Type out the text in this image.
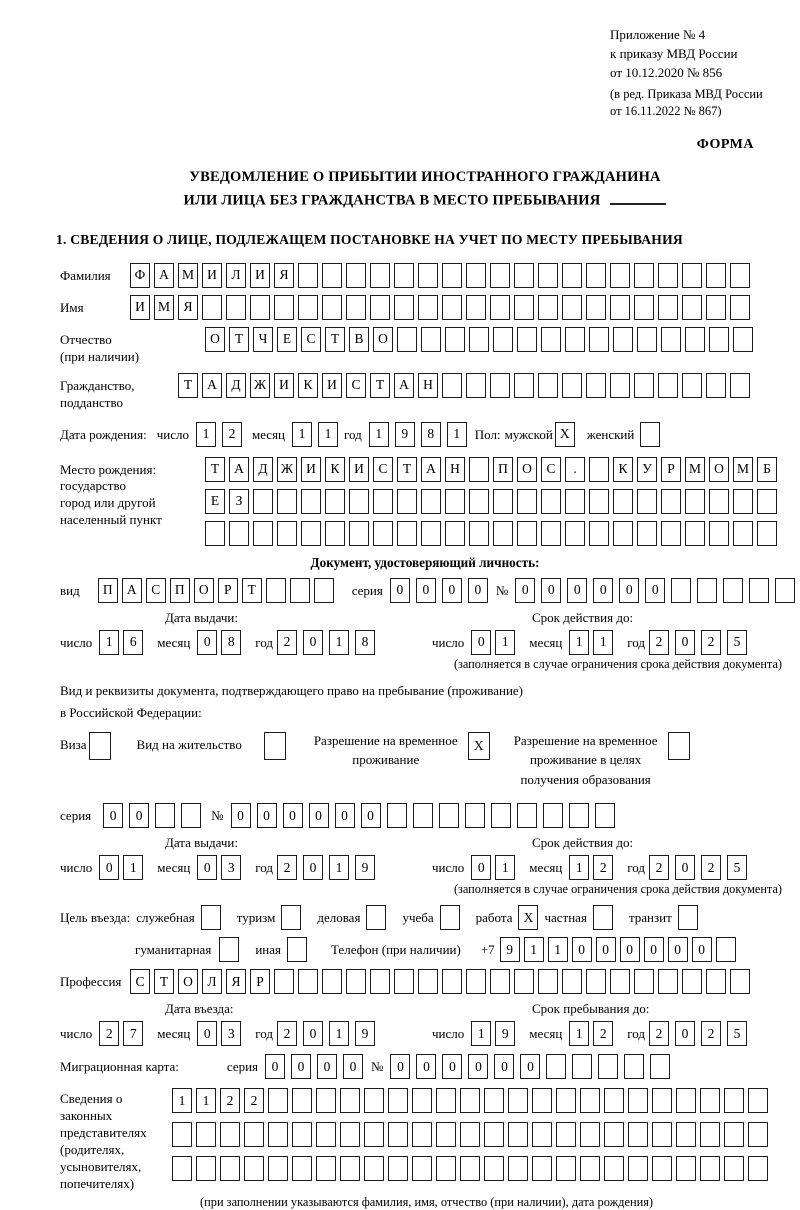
Приложение № 4
к приказу МВД России
от 10.12.2020 № 856
(в ред. Приказа МВД России
от 16.11.2022 № 867)
ФОРМА
УВЕДОМЛЕНИЕ О ПРИБЫТИИ ИНОСТРАННОГО ГРАЖДАНИНА
ИЛИ ЛИЦА БЕЗ ГРАЖДАНСТВА В МЕСТО ПРЕБЫВАНИЯ
1. СВЕДЕНИЯ О ЛИЦЕ, ПОДЛЕЖАЩЕМ ПОСТАНОВКЕ НА УЧЕТ ПО МЕСТУ ПРЕБЫВАНИЯ
Фамилия	Ф	А М И	Л	И	Я
Имя	И М Я
Отчество
(при наличии)
О	Т	Ч	Е	С	Т	В	О
Гражданство,
подданство
Т	А	Д Ж И	К	И	С	Т	А	Н
Дата рождения: число	1	2	месяц	1	1 год	1	9	8	1	Пол: мужской X	женский
Место рождения:
государство
город или другой
населенный пункт
Т	А	Д Ж И	К	И	С	Т	А	Н	П	О	С	.	К	У	Р	М О М	Б
Е	З
Документ, удостоверяющий личность:
вид	П	А	С	П	О	Р	Т	серия	0	0	0	0	№	0	0	0	0	0	0
Дата выдачи:
число	1	6	месяц	0	8	год 2	0	1	8
Срок действия до:
число	0	1	месяц	1	1	год 2	0	2	5
(заполняется в случае ограничения срока действия документа)
Вид и реквизиты документа, подтверждающего право на пребывание (проживание)
в Российской Федерации:
Виза	Вид на жительство	Разрешение на временное
проживание
X	Разрешение на временное
проживание в целях
получения образования
серия	0	0	№	0	0	0	0	0	0
Дата выдачи:
число	0	1	месяц	0	3	год 2	0	1	9
Срок действия до:
число	0	1	месяц	1	2	год 2	0	2	5
(заполняется в случае ограничения срока действия документа)
Цель въезда: служебная	туризм	деловая	учеба	работа X частная	транзит
гуманитарная	иная	Телефон (при наличии) +7 9	1	1	0	0	0	0	0	0
Профессия	С	Т	О	Л	Я	Р
Дата въезда:
число	2	7	месяц	0	3	год 2	0	1	9
Срок пребывания до:
число	1	9	месяц	1	2	год 2	0	2	5
Миграционная карта:	серия	0	0	0	0	№	0	0	0	0	0	0
Сведения о
законных
представителях
(родителях,
усыновителях,
попечителях)
1	1	2	2
(при заполнении указываются фамилия, имя, отчество (при наличии), дата рождения)
